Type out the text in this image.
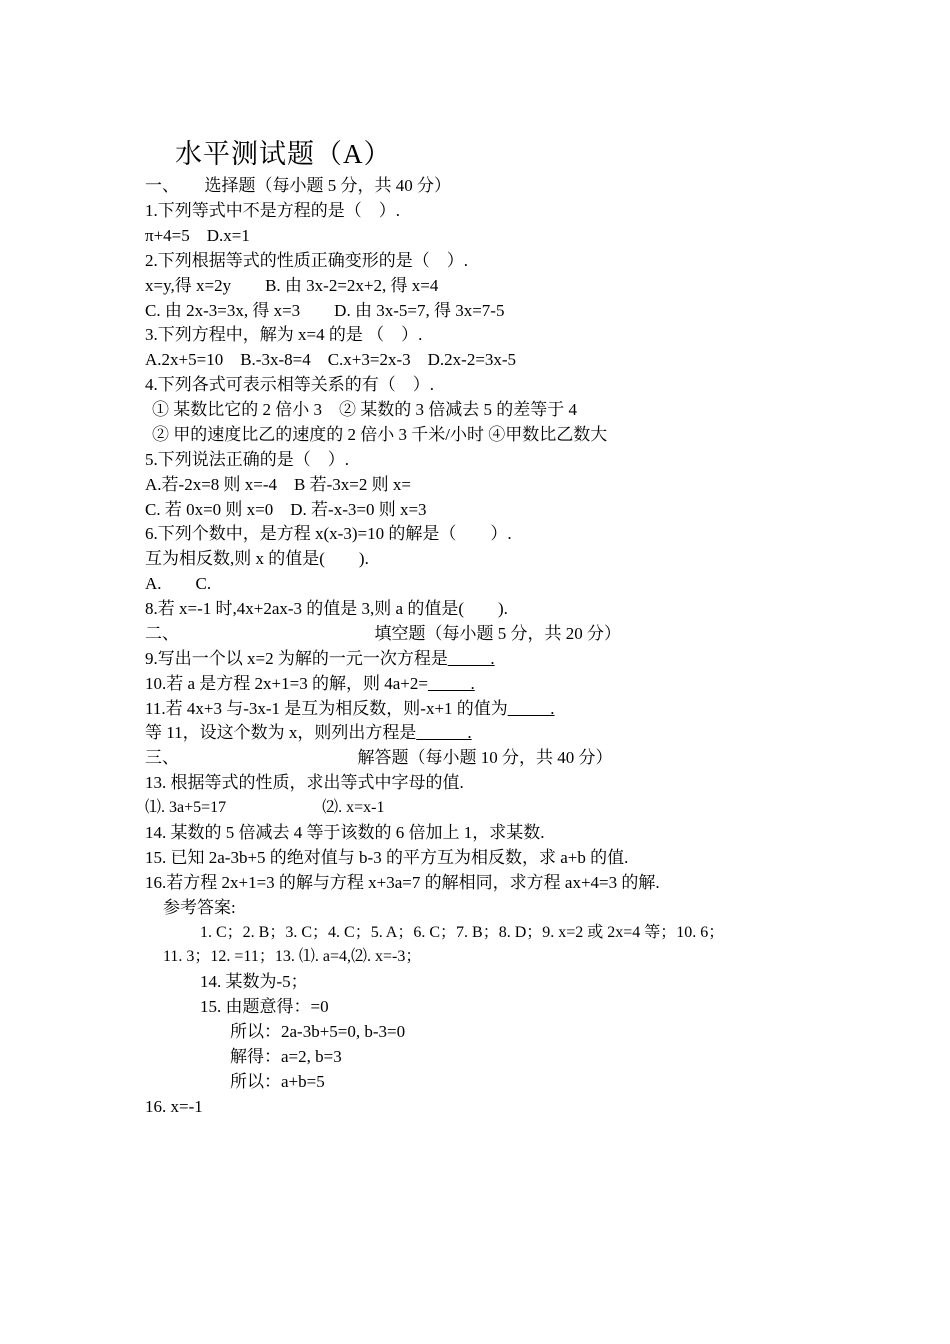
水平测试题（A）
一、　　选择题（每小题 5 分，共 40 分）
1.下列等式中不是方程的是（　）.
π+4=5　D.x=1
2.下列根据等式的性质正确变形的是（　）.
x=y,得 x=2y　　B. 由 3x-2=2x+2, 得 x=4
C. 由 2x-3=3x, 得 x=3　　D. 由 3x-5=7, 得 3x=7-5
3.下列方程中，解为 x=4 的是 （　）.
A.2x+5=10　B.-3x-8=4　C.x+3=2x-3　D.2x-2=3x-5
4.下列各式可表示相等关系的有（　）.
① 某数比它的 2 倍小 3　② 某数的 3 倍减去 5 的差等于 4
② 甲的速度比乙的速度的 2 倍小 3 千米/小时 ④甲数比乙数大
5.下列说法正确的是（　）.
A.若-2x=8 则 x=-4　B 若-3x=2 则 x=
C. 若 0x=0 则 x=0　D. 若-x-3=0 则 x=3
6.下列个数中，是方程 x(x-3)=10 的解是（　　）.
互为相反数,则 x 的值是(　　).
A.　　C.
8.若 x=-1 时,4x+2ax-3 的值是 3,则 a 的值是(　　).
二、　　　　　　　　　　　　填空题（每小题 5 分，共 20 分）
9.写出一个以 x=2 为解的一元一次方程是_____.
10.若 a 是方程 2x+1=3 的解，则 4a+2=_____.
11.若 4x+3 与-3x-1 是互为相反数，则-x+1 的值为_____.
等 11，设这个数为 x，则列出方程是______.
三、　　　　　　　　　　　解答题（每小题 10 分，共 40 分）
13. 根据等式的性质，求出等式中字母的值.
⑴. 3a+5=17　　　　　　⑵. x=x-1
14. 某数的 5 倍减去 4 等于该数的 6 倍加上 1，求某数.
15. 已知 2a-3b+5 的绝对值与 b-3 的平方互为相反数，求 a+b 的值.
16.若方程 2x+1=3 的解与方程 x+3a=7 的解相同，求方程 ax+4=3 的解.
参考答案:
1. C；2. B；3. C；4. C；5. A；6. C；7. B；8. D；9. x=2 或 2x=4 等；10. 6；
11. 3；12. =11；13. ⑴. a=4,⑵. x=-3；
14. 某数为-5；
15. 由题意得：=0
所以：2a-3b+5=0, b-3=0
解得：a=2, b=3
所以：a+b=5
16. x=-1
